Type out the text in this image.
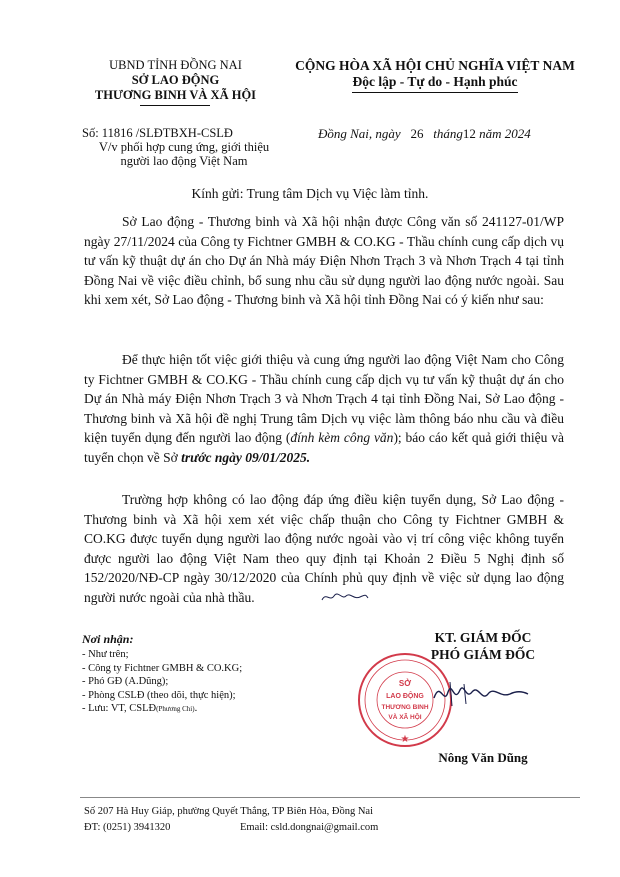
UBND TỈNH ĐỒNG NAI
SỞ LAO ĐỘNG
THƯƠNG BINH VÀ XÃ HỘI
CỘNG HÒA XÃ HỘI CHỦ NGHĨA VIỆT NAM
Độc lập - Tự do - Hạnh phúc
Số: 11816 /SLĐTBXH-CSLĐ
V/v phối hợp cung ứng, giới thiệu người lao động Việt Nam
Đồng Nai, ngày 26 tháng12 năm 2024
Kính gửi: Trung tâm Dịch vụ Việc làm tỉnh.

Sở Lao động - Thương binh và Xã hội nhận được Công văn số 241127-01/WP ngày 27/11/2024 của Công ty Fichtner GMBH & CO.KG - Thầu chính cung cấp dịch vụ tư vấn kỹ thuật dự án cho Dự án Nhà máy Điện Nhơn Trạch 3 và Nhơn Trạch 4 tại tỉnh Đồng Nai về việc điều chỉnh, bổ sung nhu cầu sử dụng người lao động nước ngoài. Sau khi xem xét, Sở Lao động - Thương binh và Xã hội tỉnh Đồng Nai có ý kiến như sau:

Để thực hiện tốt việc giới thiệu và cung ứng người lao động Việt Nam cho Công ty Fichtner GMBH & CO.KG - Thầu chính cung cấp dịch vụ tư vấn kỹ thuật dự án cho Dự án Nhà máy Điện Nhơn Trạch 3 và Nhơn Trạch 4 tại tỉnh Đồng Nai, Sở Lao động - Thương binh và Xã hội đề nghị Trung tâm Dịch vụ việc làm thông báo nhu cầu và điều kiện tuyển dụng đến người lao động (đính kèm công văn); báo cáo kết quả giới thiệu và tuyển chọn về Sở trước ngày 09/01/2025.

Trường hợp không có lao động đáp ứng điều kiện tuyển dụng, Sở Lao động - Thương binh và Xã hội xem xét việc chấp thuận cho Công ty Fichtner GMBH & CO.KG được tuyển dụng người lao động nước ngoài vào vị trí công việc không tuyển được người lao động Việt Nam theo quy định tại Khoản 2 Điều 5 Nghị định số 152/2020/NĐ-CP ngày 30/12/2020 của Chính phủ quy định về việc sử dụng lao động người nước ngoài của nhà thầu.

Nơi nhận:
- Như trên;
- Công ty Fichtner GMBH & CO.KG;
- Phó GĐ (A.Dũng);
- Phòng CSLĐ (theo dõi, thực hiện);
- Lưu: VT, CSLĐ(Phương Chi).
KT. GIÁM ĐỐC
PHÓ GIÁM ĐỐC
SỞ
LAO ĐỘNG
THƯƠNG BINH
VÀ XÃ HỘI
★
Nông Văn Dũng
Số 207 Hà Huy Giáp, phường Quyết Thắng, TP Biên Hòa, Đồng Nai
ĐT: (0251) 3941320	Email: csld.dongnai@gmail.com
